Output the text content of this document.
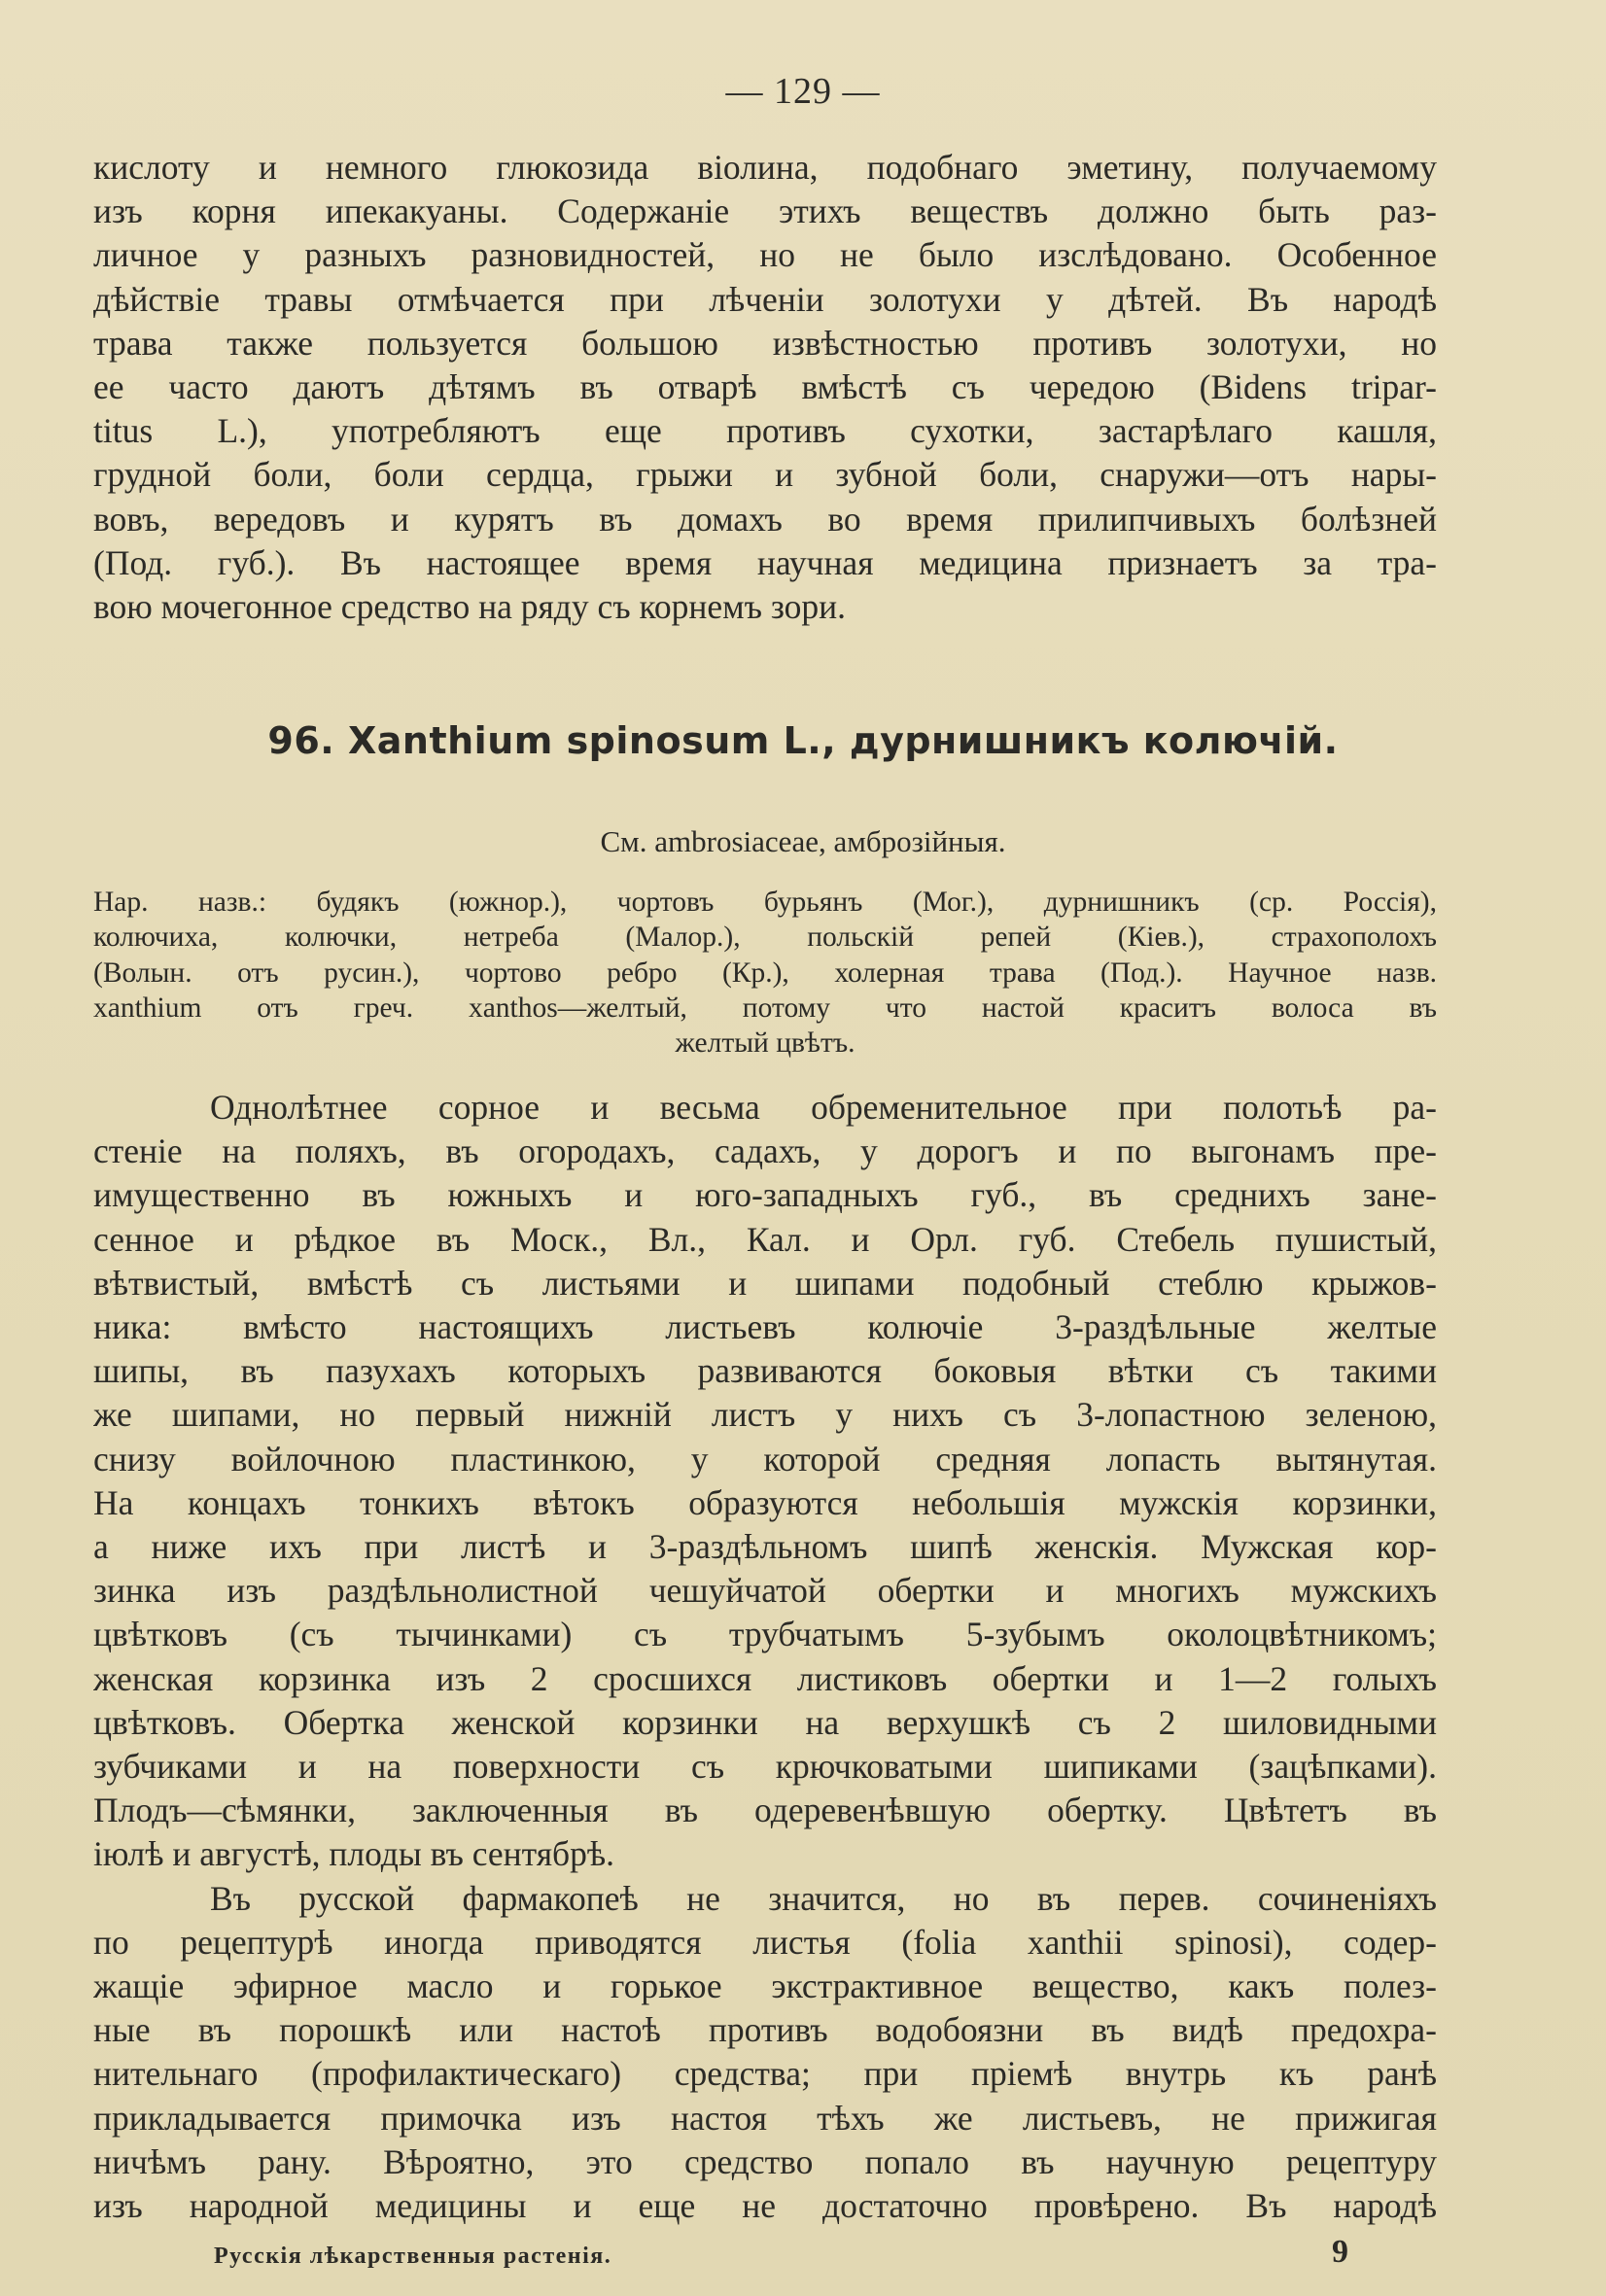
— 129 —
кислоту и немного глюкозида віолина, подобнаго эметину, получаемому
изъ корня ипекакуаны. Содержаніе этихъ веществъ должно быть раз-
личное у разныхъ разновидностей, но не было изслѣдовано. Особенное
дѣйствіе травы отмѣчается при лѣченіи золотухи у дѣтей. Въ народѣ
трава также пользуется большою извѣстностью противъ золотухи, но
ее часто даютъ дѣтямъ въ отварѣ вмѣстѣ съ чередою (Bidens tripar-
titus L.), употребляютъ еще противъ сухотки, застарѣлаго кашля,
грудной боли, боли сердца, грыжи и зубной боли, снаружи—отъ нары-
вовъ, вередовъ и курятъ въ домахъ во время прилипчивыхъ болѣзней
(Под. губ.). Въ настоящее время научная медицина признаетъ за тра-
вою мочегонное средство на ряду съ корнемъ зори.
96. Xanthium spinosum L., дурнишникъ колючій.
См. ambrosiaceae, амброзійныя.
Нар. назв.: будякъ (южнор.), чортовъ бурьянъ (Мог.), дурнишникъ (ср. Россія),
колючиха, колючки, нетреба (Малор.), польскій репей (Кіев.), страхополохъ
(Волын. отъ русин.), чортово ребро (Кр.), холерная трава (Под.). Научное назв.
xanthium отъ греч. xanthos—желтый, потому что настой краситъ волоса въ
желтый цвѣтъ.
Однолѣтнее сорное и весьма обременительное при полотьѣ ра-
стеніе на поляхъ, въ огородахъ, садахъ, у дорогъ и по выгонамъ пре-
имущественно въ южныхъ и юго-западныхъ губ., въ среднихъ зане-
сенное и рѣдкое въ Моск., Вл., Кал. и Орл. губ. Стебель пушистый,
вѣтвистый, вмѣстѣ съ листьями и шипами подобный стеблю крыжов-
ника: вмѣсто настоящихъ листьевъ колючіе 3-раздѣльные желтые
шипы, въ пазухахъ которыхъ развиваются боковыя вѣтки съ такими
же шипами, но первый нижній листъ у нихъ съ 3-лопастною зеленою,
снизу войлочною пластинкою, у которой средняя лопасть вытянутая.
На концахъ тонкихъ вѣтокъ образуются небольшія мужскія корзинки,
а ниже ихъ при листѣ и 3-раздѣльномъ шипѣ женскія. Мужская кор-
зинка изъ раздѣльнолистной чешуйчатой обертки и многихъ мужскихъ
цвѣтковъ (съ тычинками) съ трубчатымъ 5-зубымъ околоцвѣтникомъ;
женская корзинка изъ 2 сросшихся листиковъ обертки и 1—2 голыхъ
цвѣтковъ. Обертка женской корзинки на верхушкѣ съ 2 шиловидными
зубчиками и на поверхности съ крючковатыми шипиками (зацѣпками).
Плодъ—сѣмянки, заключенныя въ одеревенѣвшую обертку. Цвѣтетъ въ
іюлѣ и августѣ, плоды въ сентябрѣ.
Въ русской фармакопеѣ не значится, но въ перев. сочиненіяхъ
по рецептурѣ иногда приводятся листья (folia xanthii spinosi), содер-
жащіе эфирное масло и горькое экстрактивное вещество, какъ полез-
ные въ порошкѣ или настоѣ противъ водобоязни въ видѣ предохра-
нительнаго (профилактическаго) средства; при пріемѣ внутрь къ ранѣ
прикладывается примочка изъ настоя тѣхъ же листьевъ, не прижигая
ничѣмъ рану. Вѣроятно, это средство попало въ научную рецептуру
изъ народной медицины и еще не достаточно провѣрено. Въ народѣ
Русскія лѣкарственныя растенія.	9
